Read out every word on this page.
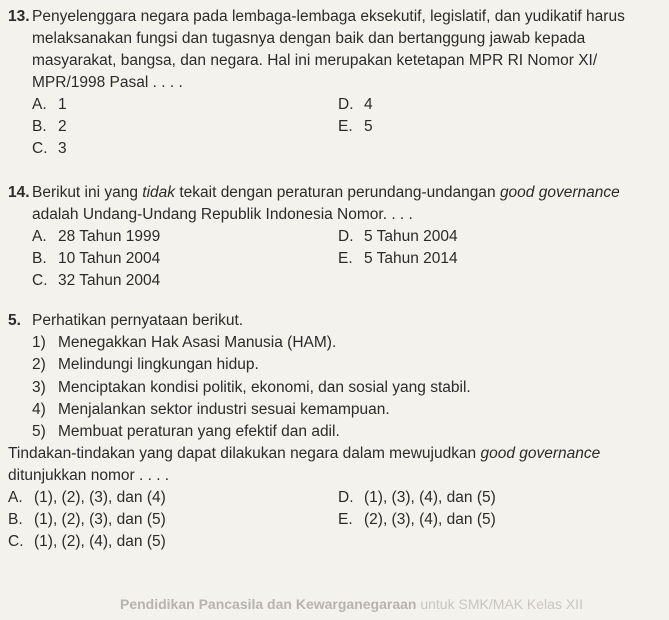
13. Penyelenggara negara pada lembaga-lembaga eksekutif, legislatif, dan yudikatif harus
melaksanakan fungsi dan tugasnya dengan baik dan bertanggung jawab kepada
masyarakat, bangsa, dan negara. Hal ini merupakan ketetapan MPR RI Nomor XI/
MPR/1998 Pasal . . . .
A. 1	D. 4
B. 2	E. 5
C. 3
14. Berikut ini yang tidak tekait dengan peraturan perundang-undangan good governance
adalah Undang-Undang Republik Indonesia Nomor. . . .
A. 28 Tahun 1999	D. 5 Tahun 2004
B. 10 Tahun 2004	E. 5 Tahun 2014
C. 32 Tahun 2004
5. Perhatikan pernyataan berikut.
1) Menegakkan Hak Asasi Manusia (HAM).
2) Melindungi lingkungan hidup.
3) Menciptakan kondisi politik, ekonomi, dan sosial yang stabil.
4) Menjalankan sektor industri sesuai kemampuan.
5) Membuat peraturan yang efektif dan adil.
Tindakan-tindakan yang dapat dilakukan negara dalam mewujudkan good governance
ditunjukkan nomor . . . .
A. (1), (2), (3), dan (4)	D. (1), (3), (4), dan (5)
B. (1), (2), (3), dan (5)	E. (2), (3), (4), dan (5)
C. (1), (2), (4), dan (5)
Pendidikan Pancasila dan Kewarganegaraan untuk SMK/MAK Kelas XII
